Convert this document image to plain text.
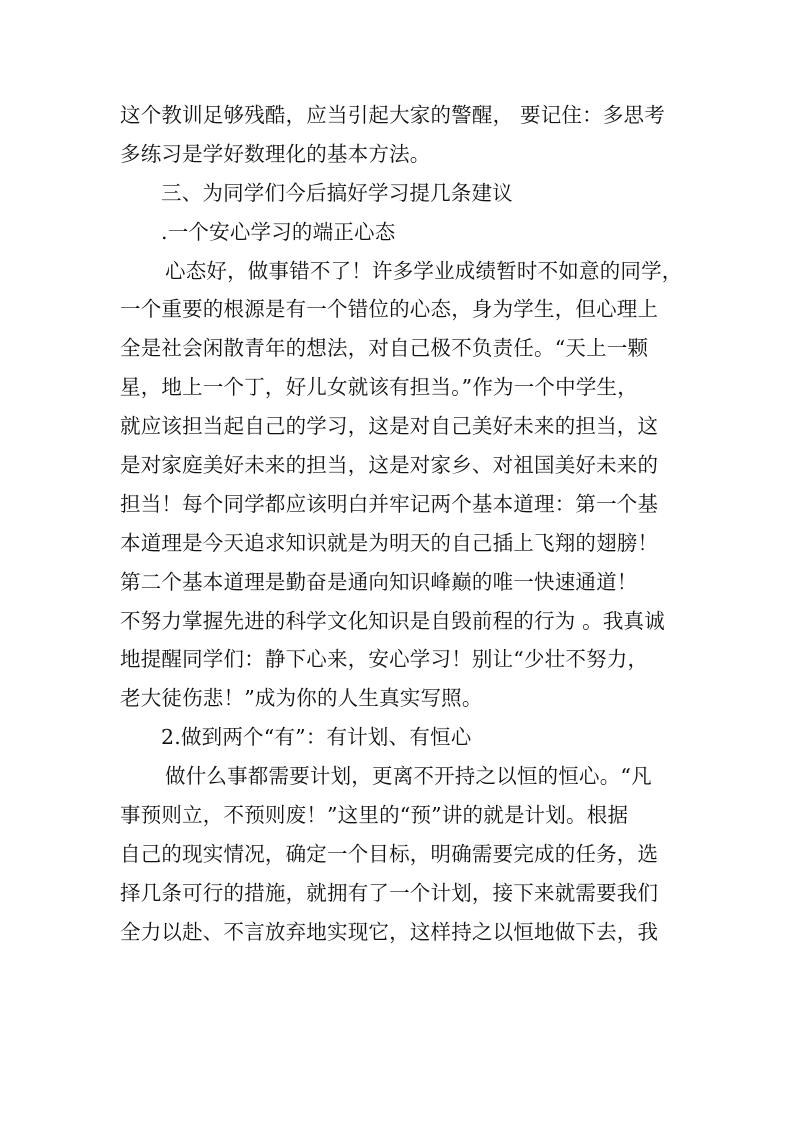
这个教训足够残酷，应当引起大家的警醒， 要记住：多思考
多练习是学好数理化的基本方法。
三、为同学们今后搞好学习提几条建议
.一个安心学习的端正心态
心态好，做事错不了！许多学业成绩暂时不如意的同学，
一个重要的根源是有一个错位的心态，身为学生，但心理上
全是社会闲散青年的想法，对自己极不负责任。“天上一颗
星，地上一个丁，好儿女就该有担当。”作为一个中学生，
就应该担当起自己的学习，这是对自己美好未来的担当，这
是对家庭美好未来的担当，这是对家乡、对祖国美好未来的
担当！每个同学都应该明白并牢记两个基本道理：第一个基
本道理是今天追求知识就是为明天的自己插上飞翔的翅膀！
第二个基本道理是勤奋是通向知识峰巅的唯一快速通道！
不努力掌握先进的科学文化知识是自毁前程的行为 。我真诚
地提醒同学们：静下心来，安心学习！别让“少壮不努力，
老大徒伤悲！”成为你的人生真实写照。
2.做到两个“有”：有计划、有恒心
做什么事都需要计划，更离不开持之以恒的恒心。“凡
事预则立，不预则废！”这里的“预”讲的就是计划。根据
自己的现实情况，确定一个目标，明确需要完成的任务，选
择几条可行的措施，就拥有了一个计划，接下来就需要我们
全力以赴、不言放弃地实现它，这样持之以恒地做下去，我
